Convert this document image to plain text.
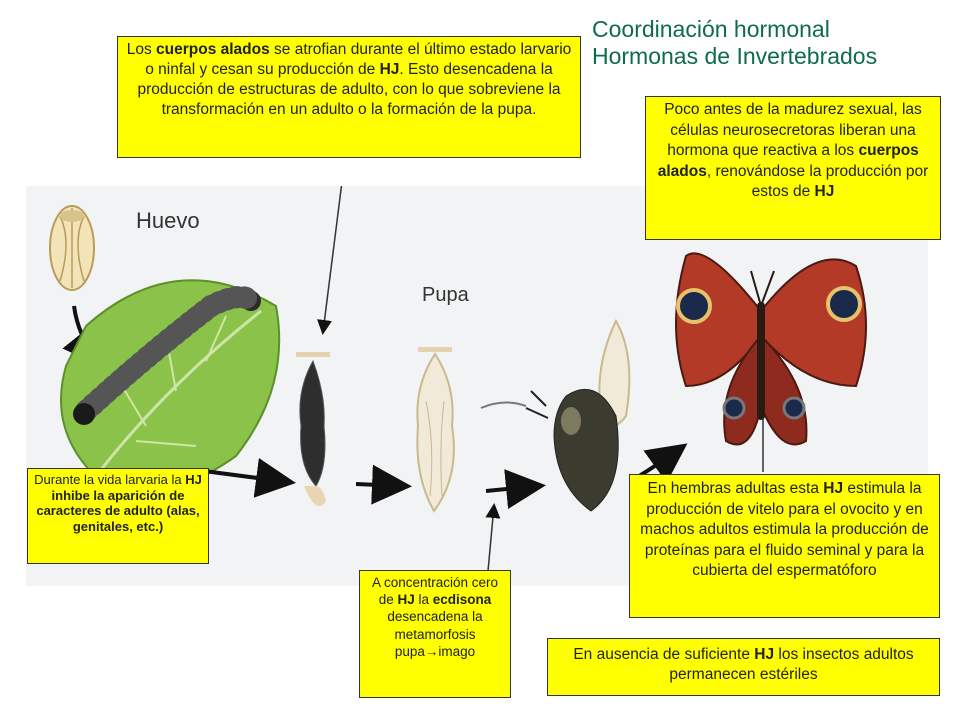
Coordinación hormonal
Hormonas de Invertebrados
Huevo
Pupa
Los cuerpos alados se atrofian durante el último estado larvario o ninfal y cesan su producción de HJ. Esto desencadena la producción de estructuras de adulto, con lo que sobreviene la transformación en un adulto o la formación de la pupa.	Poco antes de la madurez sexual, las células neurosecretoras liberan una hormona que reactiva a los cuerpos alados, renovándose la producción por estos de HJ
Durante la vida larvaria la HJ inhibe la aparición de caracteres de adulto (alas, genitales, etc.)
A concentración cero de HJ la ecdisona desencadena la metamorfosis pupa→imago
En hembras adultas esta HJ estimula la producción de vitelo para el ovocito y en machos adultos estimula la producción de proteínas para el fluido seminal y para la cubierta del espermatóforo
En ausencia de suficiente HJ los insectos adultos permanecen estériles
